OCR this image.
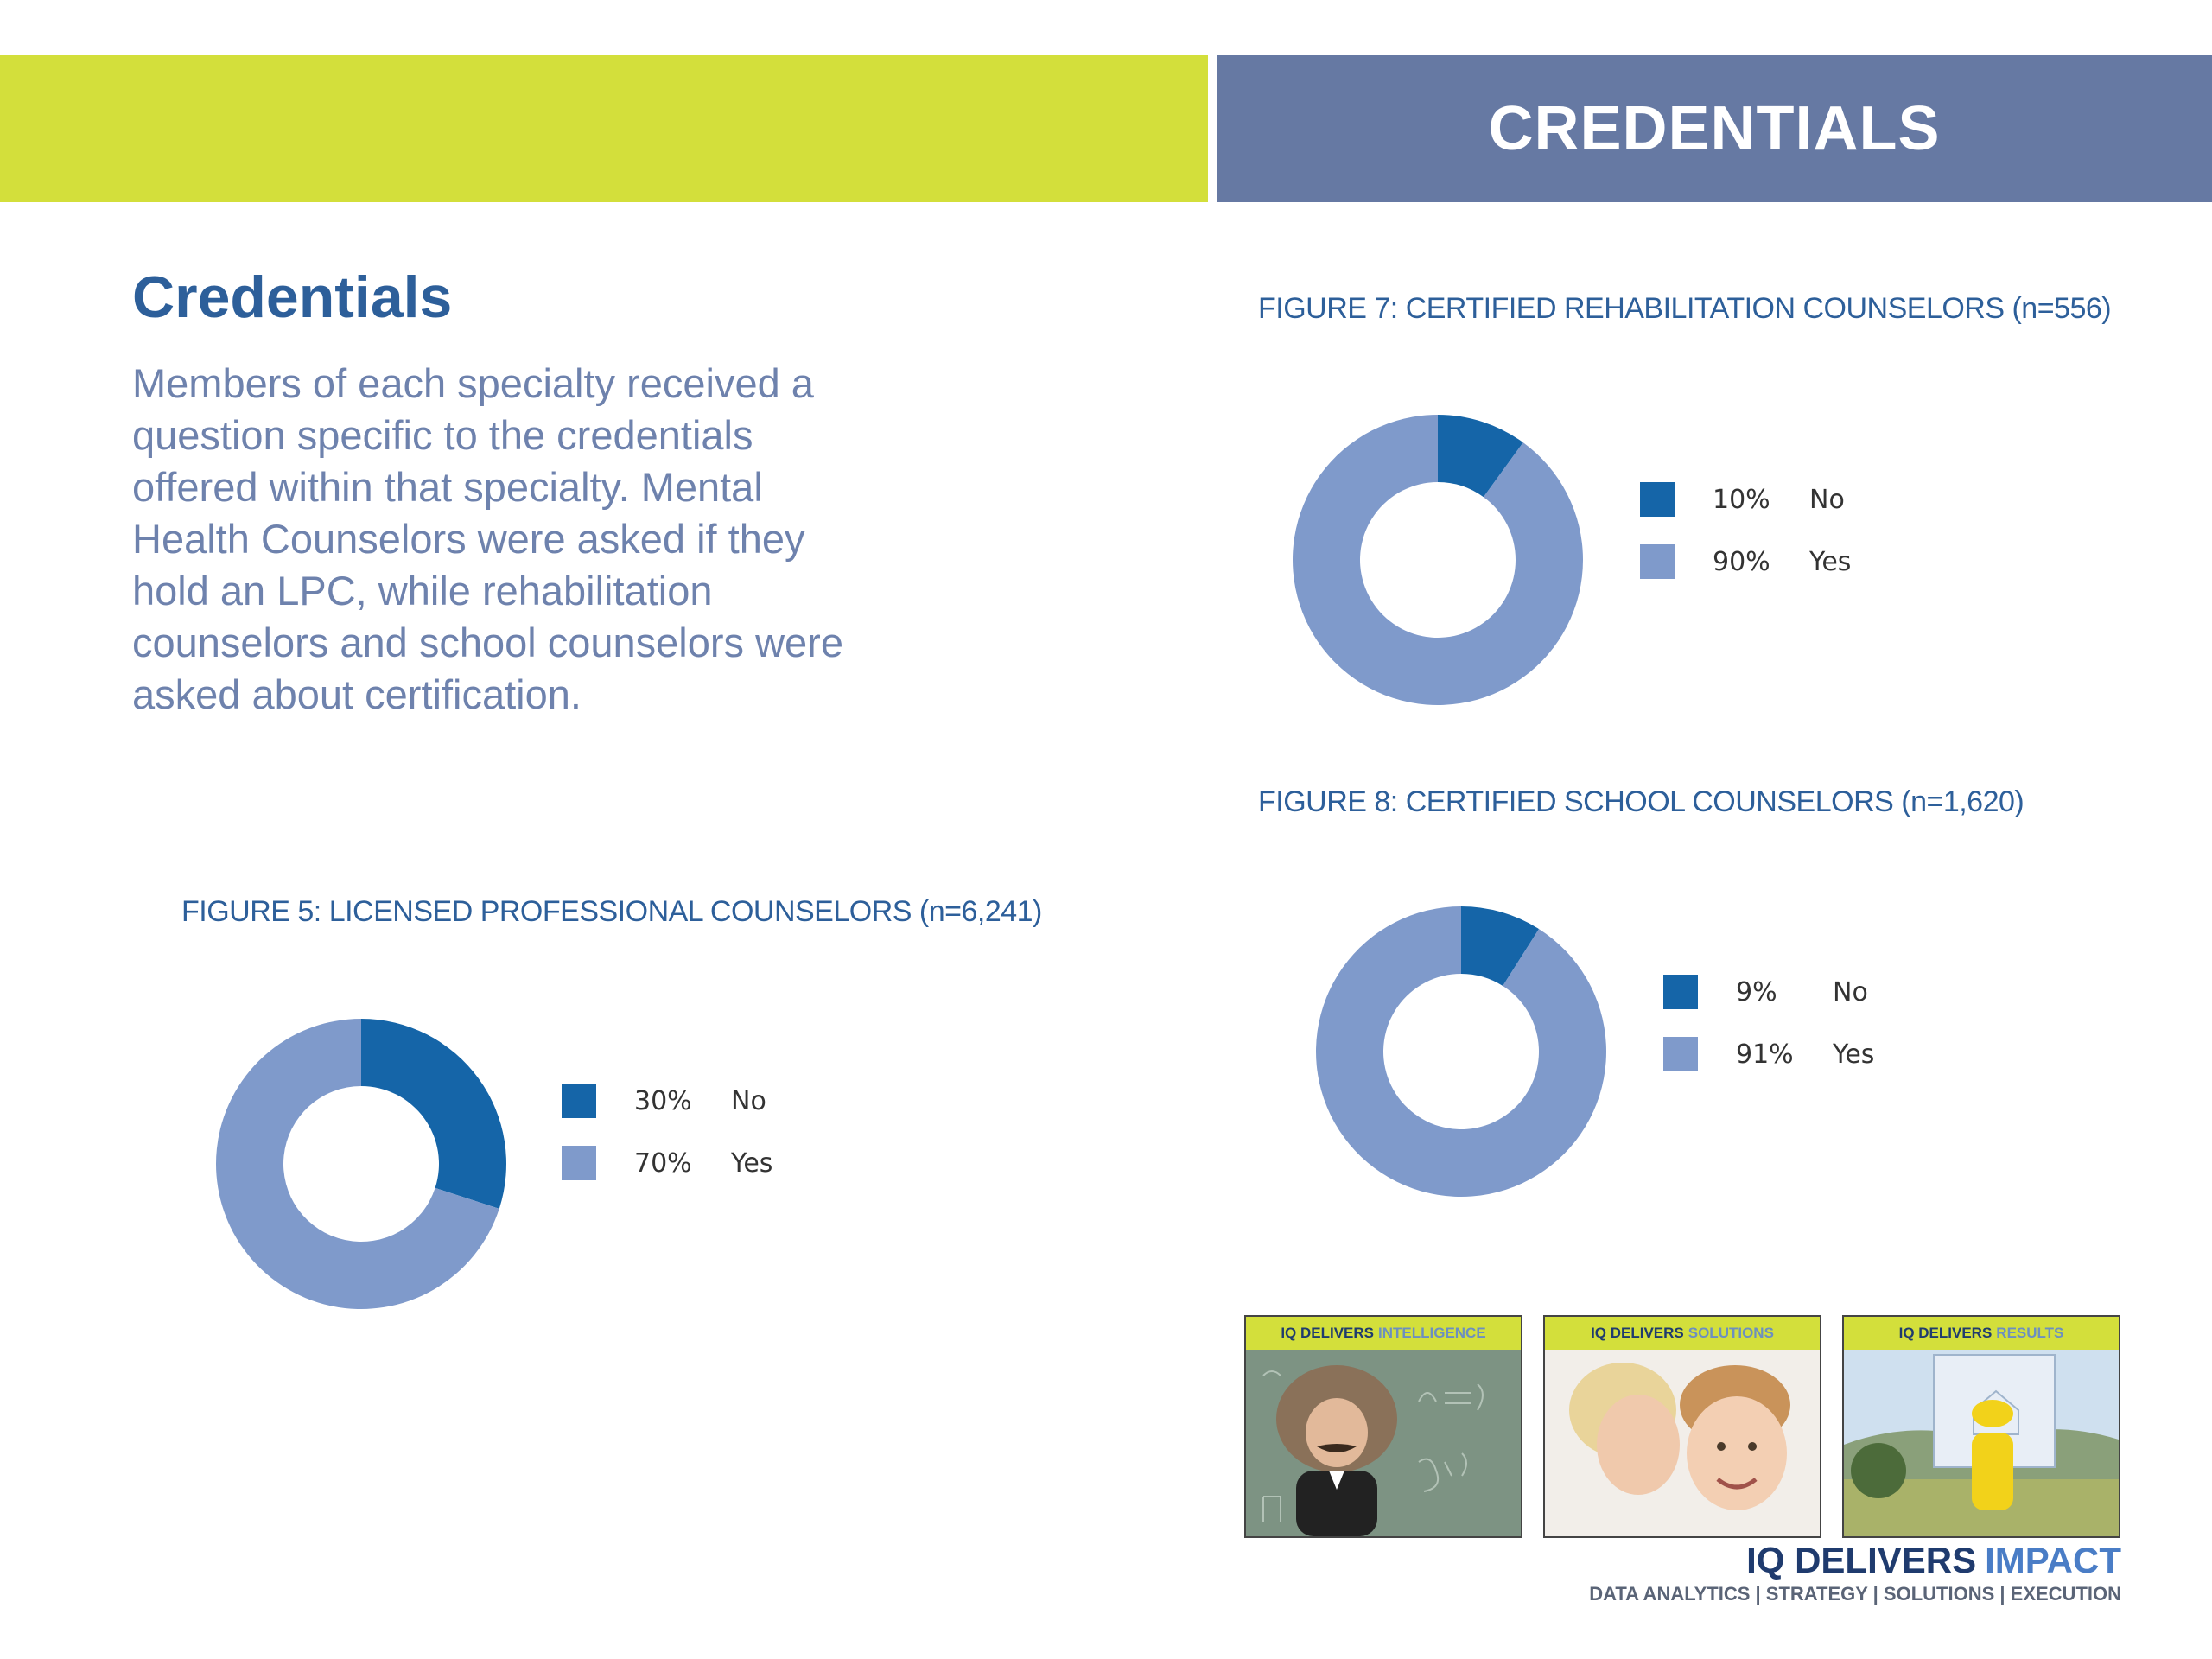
CREDENTIALS
Credentials

Members of each specialty received a question specific to the credentials offered within that specialty. Mental Health Counselors were asked if they hold an LPC, while rehabilitation counselors and school counselors were asked about certification.

FIGURE 5: LICENSED PROFESSIONAL COUNSELORS (n=6,241)
30%	No
70%	Yes
FIGURE 7: CERTIFIED REHABILITATION COUNSELORS (n=556)
10%	No
90%	Yes
FIGURE 8: CERTIFIED SCHOOL COUNSELORS (n=1,620)
9%	No
91%	Yes
IQ DELIVERS INTELLIGENCE	IQ DELIVERS SOLUTIONS	IQ DELIVERS RESULTS
IQ DELIVERS IMPACT
DATA ANALYTICS | STRATEGY | SOLUTIONS | EXECUTION
